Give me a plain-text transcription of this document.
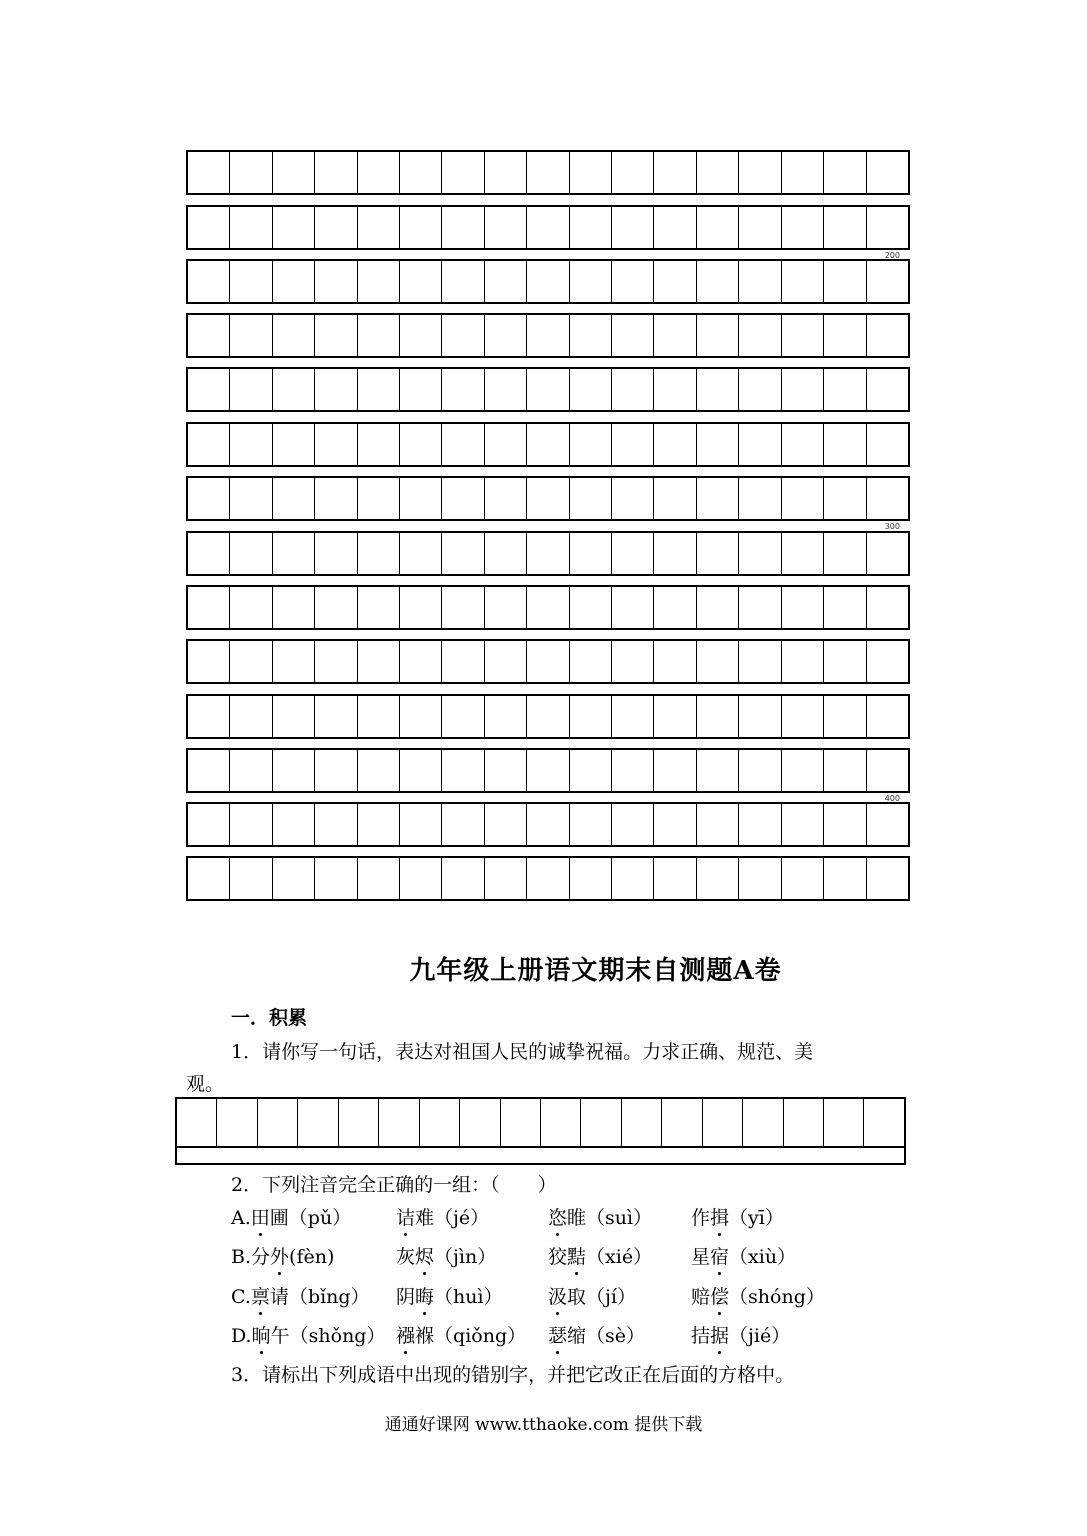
200
300
400
九年级上册语文期末自测题A卷
一．积累
1．请你写一句话，表达对祖国人民的诚挚祝福。力求正确、规范、美
观。
2．下列注音完全正确的一组：（　　）
A.田圃（pǔ） 诘难（jé）	恣睢（suì） 作揖（yī）
B.分外(fèn)	灰烬（jìn）	狡黠（xié） 星宿（xiù）
C.禀请（bǐng） 阴晦（huì） 汲取（jí）	赔偿（shóng）
D.晌午（shǒng） 襁褓（qiǒng） 瑟缩（sè） 拮据（jié）
3．请标出下列成语中出现的错别字，并把它改正在后面的方格中。
通通好课网 www.tthaoke.com 提供下载
